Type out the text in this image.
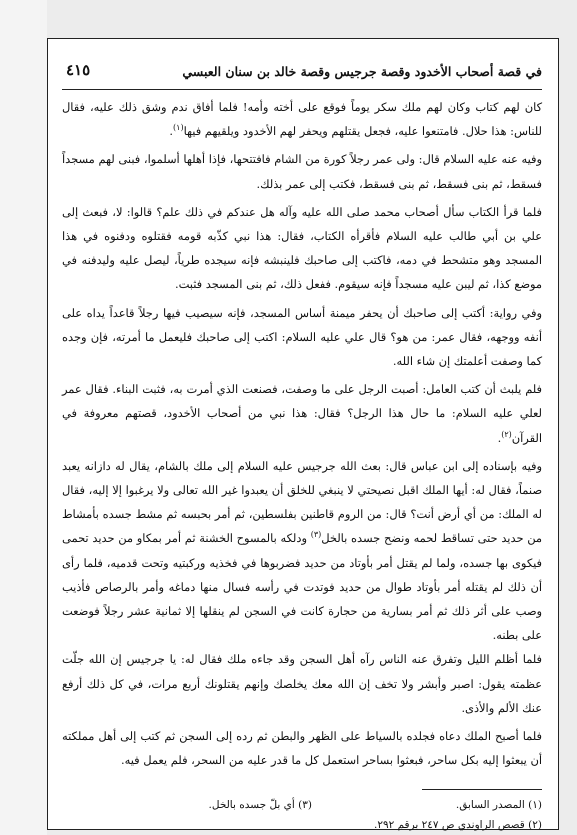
في قصة أصحاب الأخدود وقصة جرجيس وقصة خالد بن سنان العبسي
٤١٥

كان لهم كتاب وكان لهم ملك سكر يوماً فوقع على أخته وأمه! فلما أفاق ندم وشق ذلك عليه، فقال للناس: هذا حلال. فامتنعوا عليه، فجعل يقتلهم ويحفر لهم الأخدود ويلقيهم فيها$^{(١)}$.

وفيه عنه عليه السلام قال: ولى عمر رجلاً كورة من الشام فافتتحها، فإذا أهلها أسلموا، فبنى لهم مسجداً فسقط، ثم بنى فسقط، ثم بنى فسقط، فكتب إلى عمر بذلك.

فلما قرأ الكتاب سأل أصحاب محمد صلى الله عليه وآله هل عندكم في ذلك علم؟ قالوا: لا، فبعث إلى علي بن أبي طالب عليه السلام فأقرأه الكتاب، فقال: هذا نبي كذّبه قومه فقتلوه ودفنوه في هذا المسجد وهو متشحط في دمه، فاكتب إلى صاحبك فلينبشه فإنه سيجده طرياً، ليصل عليه وليدفنه في موضع كذا، ثم ليبن عليه مسجداً فإنه سيقوم. ففعل ذلك، ثم بنى المسجد فثبت.

وفي رواية: أكتب إلى صاحبك أن يحفر ميمنة أساس المسجد، فإنه سيصيب فيها رجلاً قاعداً يداه على أنفه ووجهه، فقال عمر: من هو؟ قال علي عليه السلام: اكتب إلى صاحبك فليعمل ما أمرته، فإن وجده كما وصفت أعلمتك إن شاء الله.

فلم يلبث أن كتب العامل: أصبت الرجل على ما وصفت، فصنعت الذي أمرت به، فثبت البناء. فقال عمر لعلي عليه السلام: ما حال هذا الرجل؟ فقال: هذا نبي من أصحاب الأخدود، قصتهم معروفة في القرآن$^{(٢)}$.

وفيه بإسناده إلى ابن عباس قال: بعث الله جرجيس عليه السلام إلى ملك بالشام، يقال له دازانه يعبد صنماً، فقال له: أيها الملك اقبل نصيحتي لا ينبغي للخلق أن يعبدوا غير الله تعالى ولا يرغبوا إلا إليه، فقال له الملك: من أي أرض أنت؟ قال: من الروم قاطنين بفلسطين، ثم أمر بحبسه ثم مشط جسده بأمشاط من حديد حتى تساقط لحمه ونضح جسده بالخل$^{(٣)}$ ودلكه بالمسوح الخشنة ثم أمر بمكاو من حديد تحمى فيكوى بها جسده، ولما لم يقتل أمر بأوتاد من حديد فضربوها في فخذيه وركبتيه وتحت قدميه، فلما رأى أن ذلك لم يقتله أمر بأوتاد طوال من حديد فوتدت في رأسه فسال منها دماغه وأمر بالرصاص فأذيب وصب على أثر ذلك ثم أمر بسارية من حجارة كانت في السجن لم ينقلها إلا ثمانية عشر رجلاً فوضعت على بطنه.

فلما أظلم الليل وتفرق عنه الناس رآه أهل السجن وقد جاءه ملك فقال له: يا جرجيس إن الله جلّت عظمته يقول: اصبر وأبشر ولا تخف إن الله معك يخلصك وإنهم يقتلونك أربع مرات، في كل ذلك أرفع عنك الألم والأذى.

فلما أصبح الملك دعاه فجلده بالسياط على الظهر والبطن ثم رده إلى السجن ثم كتب إلى أهل مملكته أن يبعثوا إليه بكل ساحر، فبعثوا بساحر استعمل كل ما قدر عليه من السحر، فلم يعمل فيه.

(١) المصدر السابق.
(٣) أي بلّ جسده بالخل.
(٢) قصص الراوندي ص ٢٤٧ برقم ٢٩٢.
